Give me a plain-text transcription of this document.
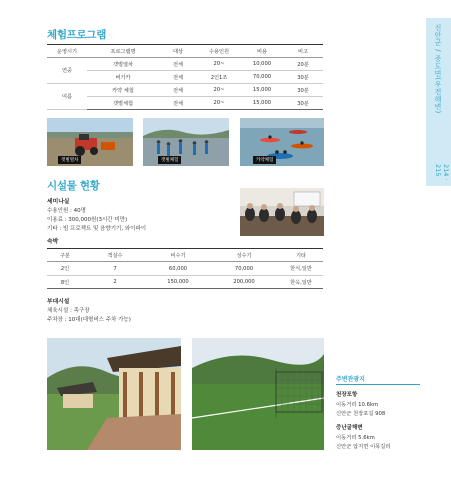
신안군 / 증도면(우전해변)
214 · 215
체험프로그램
운영시기	프로그램명	대상	수용인원	비용	비고
연중	갯벌열차	전체	20~	10,000	20분
	버기카	전체	2인1조	70,000	30분
여름	카약 체험	전체	20~	15,000	30분
	갯벌체험	전체	20~	15,000	30분
갯벌열차	갯벌체험	카약체험
시설물 현황
세미나실
수용인원 : 40명
이용료 : 300,000원(3시간 미만)
기타 : 빔 프로젝트 및 음향기기, 와이파이
숙박
구분	객실수	비수기	성수기	기타
2인	7	60,000	70,000	한식,일반
8인	2	150,000	200,000	한옥,일반
부대시설
체육시설 : 족구장
주차장 : 10대(대형버스 주차 가능)
주변관광지
천장포항
이동거리 10.6km
신안군 천장포길 908
증난굴해변
이동거리 5.6km
신안군 압지면 이목길리
